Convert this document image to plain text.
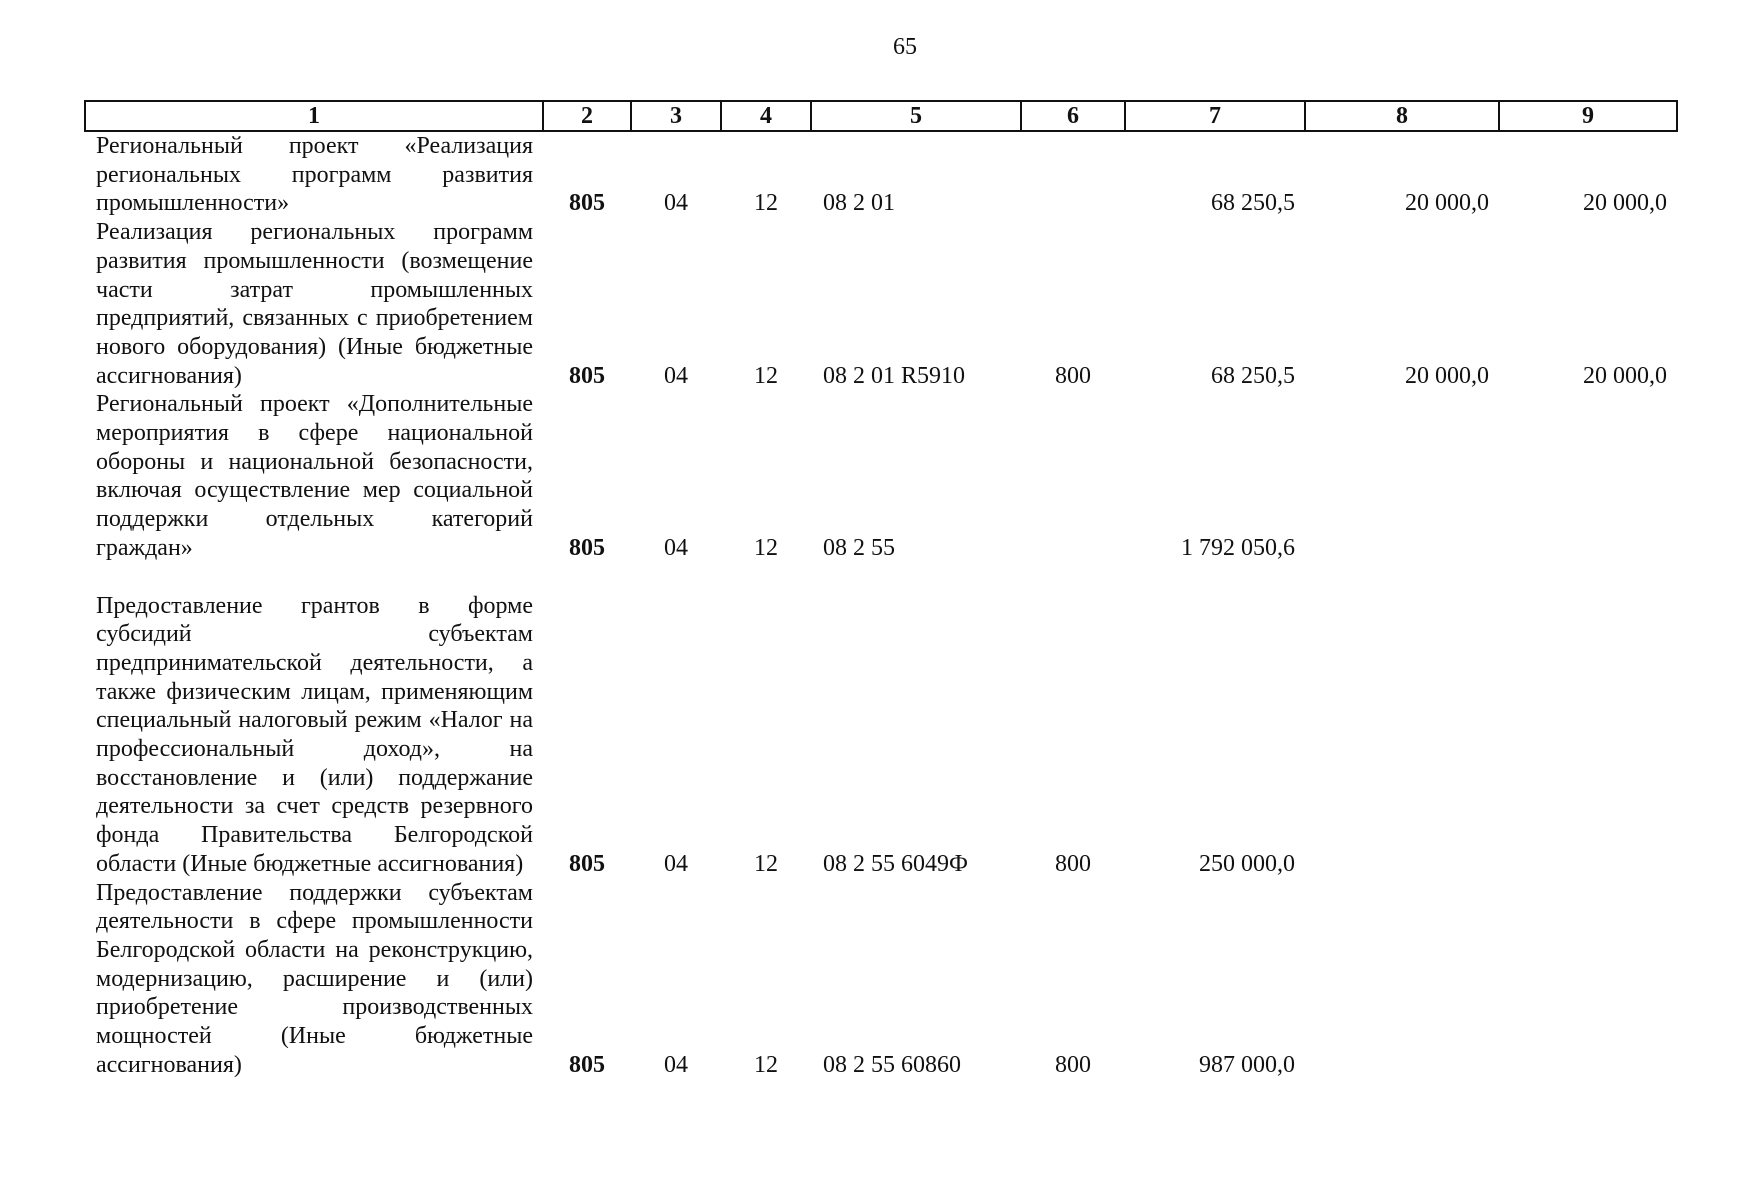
65
1	2	3	4	5	6	7	8	9
Региональный проект «Реализация региональных программ развития промышленности»	805	04	12	08 2 01		68 250,5	20 000,0	20 000,0
Реализация региональных программ развития промышленности (возмещение части затрат промышленных предприятий, связанных с приобретением нового оборудования) (Иные бюджетные ассигнования)	805	04	12	08 2 01 R5910	800	68 250,5	20 000,0	20 000,0
Региональный проект «Дополнительные мероприятия в сфере национальной обороны и национальной безопасности, включая осуществление мер социальной поддержки отдельных категорий граждан»	805	04	12	08 2 55		1 792 050,6		
Предоставление грантов в форме субсидий субъектам предпринимательской деятельности, а также физическим лицам, применяющим специальный налоговый режим «Налог на профессиональный доход», на восстановление и (или) поддержание деятельности за счет средств резервного фонда Правительства Белгородской области (Иные бюджетные ассигнования)	805	04	12	08 2 55 6049Ф	800	250 000,0		
Предоставление поддержки субъектам деятельности в сфере промышленности Белгородской области на реконструкцию, модернизацию, расширение и (или) приобретение производственных мощностей (Иные бюджетные ассигнования)	805	04	12	08 2 55 60860	800	987 000,0		
